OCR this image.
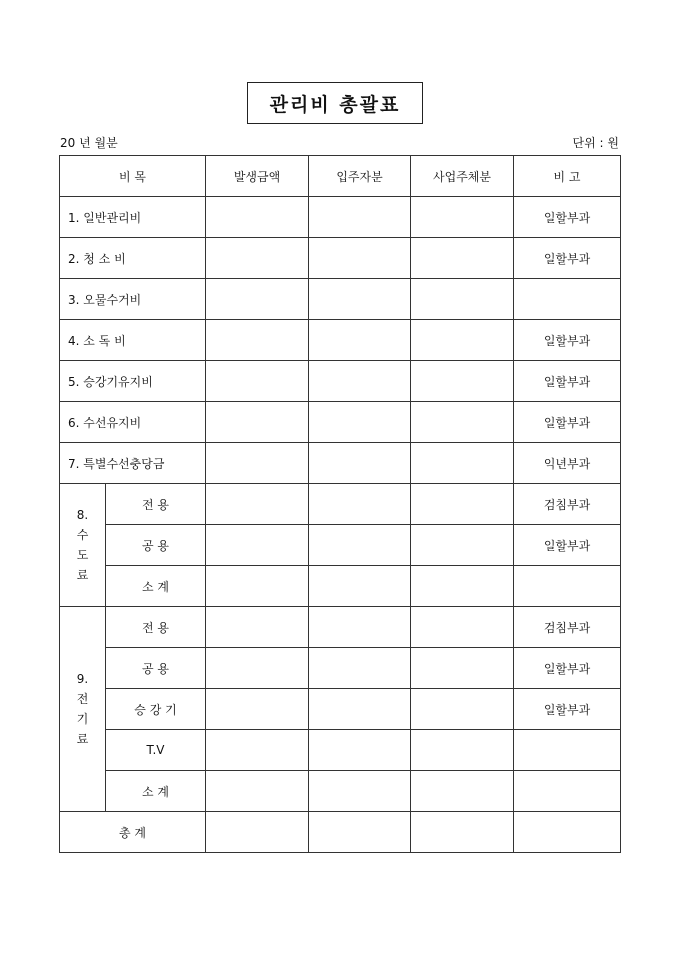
관리비 총괄표
20 년 월분	단위 : 원
비 목		발생금액	입주자분	사업주체분	비 고
1. 일반관리비					일할부과
2. 청 소 비					일할부과
3. 오물수거비					
4. 소 독 비					일할부과
5. 승강기유지비					일할부과
6. 수선유지비					일할부과
7. 특별수선충당금					익년부과

8.
수
도
료	전 용				검침부과
	공 용				일할부과
	소 계				

9.
전
기
료	전 용				검침부과
	공 용				일할부과
	승 강 기				일할부과
	T.V				
	소 계				
총 계					
